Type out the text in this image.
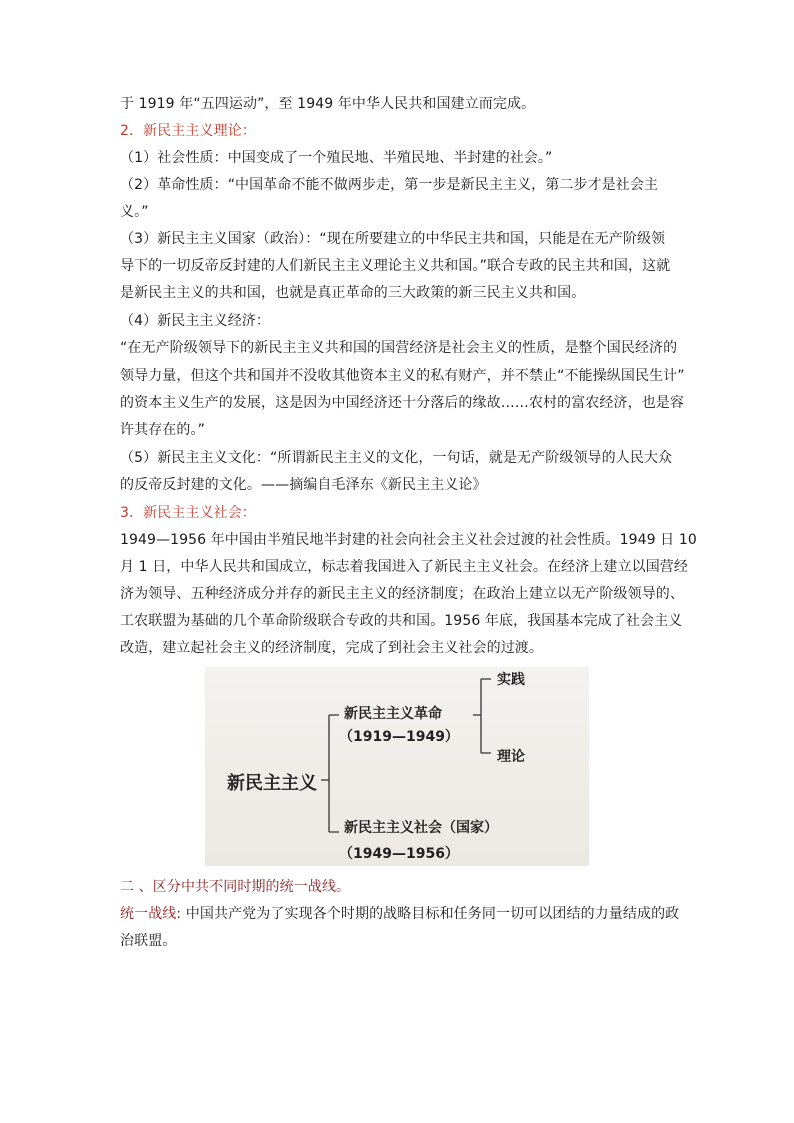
于 1919 年“五四运动”，至 1949 年中华人民共和国建立而完成。
2．新民主主义理论：
（1）社会性质：中国变成了一个殖民地、半殖民地、半封建的社会。”
（2）革命性质：“中国革命不能不做两步走，第一步是新民主主义，第二步才是社会主
义。”
（3）新民主主义国家（政治）：“现在所要建立的中华民主共和国，只能是在无产阶级领
导下的一切反帝反封建的人们新民主主义理论主义共和国。”联合专政的民主共和国，这就
是新民主主义的共和国，也就是真正革命的三大政策的新三民主义共和国。
（4）新民主主义经济：
“在无产阶级领导下的新民主主义共和国的国营经济是社会主义的性质，是整个国民经济的
领导力量，但这个共和国并不没收其他资本主义的私有财产，并不禁止“不能操纵国民生计”
的资本主义生产的发展，这是因为中国经济还十分落后的缘故……农村的富农经济，也是容
许其存在的。”
（5）新民主主义文化：“所谓新民主主义的文化，一句话，就是无产阶级领导的人民大众
的反帝反封建的文化。——摘编自毛泽东《新民主主义论》
3．新民主主义社会：
1949—1956 年中国由半殖民地半封建的社会向社会主义社会过渡的社会性质。1949 日 10
月 1 日，中华人民共和国成立，标志着我国进入了新民主主义社会。在经济上建立以国营经
济为领导、五种经济成分并存的新民主主义的经济制度；在政治上建立以无产阶级领导的、
工农联盟为基础的几个革命阶级联合专政的共和国。1956 年底，我国基本完成了社会主义
改造，建立起社会主义的经济制度，完成了到社会主义社会的过渡。
新民主主义
新民主主义革命
（1919—1949）
实践
理论
新民主主义社会（国家）
（1949—1956）
二 、区分中共不同时期的统一战线。
统一战线: 中国共产党为了实现各个时期的战略目标和任务同一切可以团结的力量结成的政
治联盟。
